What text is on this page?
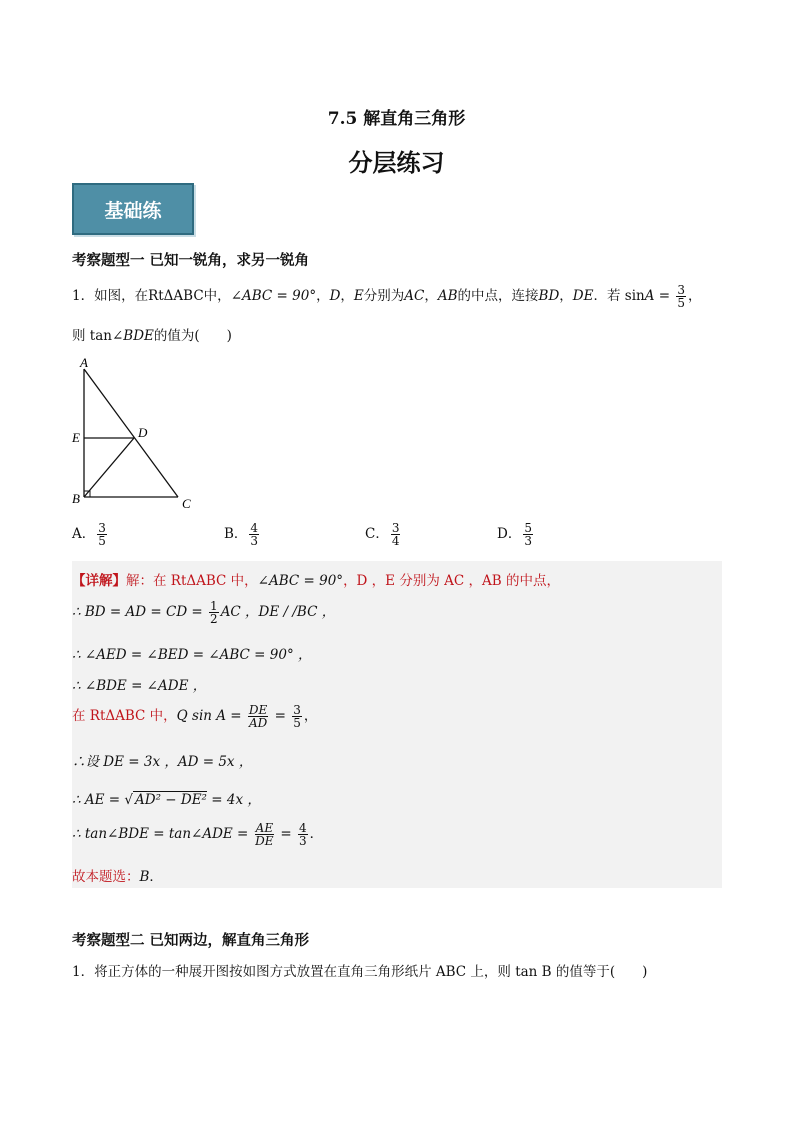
7.5 解直角三角形
分层练习
基础练
考察题型一 已知一锐角，求另一锐角
1．如图，在RtΔABC中，∠ABC = 90°，D，E分别为AC，AB的中点，连接BD，DE．若 $\sin A = \frac{3}{5}$ ，
则 tan∠BDE的值为(　　)
A
B	C
D
E
A． $\frac{3}{5}$	B． $\frac{4}{3}$	C． $\frac{3}{4}$	D． $\frac{5}{3}$
【详解】解：在 RtΔABC 中，∠ABC = 90°，D ，E 分别为 AC ，AB 的中点，
∴ BD = AD = CD = $\frac{1}{2}$ AC ，DE / /BC ，
∴ ∠AED = ∠BED = ∠ABC = 90° ，
∴ ∠BDE = ∠ADE ，
在 RtΔABC 中，Q $\sin A = \frac{DE}{AD} = \frac{3}{5}$ ，
∴设 DE = 3x ，AD = 5x ，
∴ AE = √ AD² − DE² = 4x ，
∴ tan∠BDE = tan∠ADE = $\frac{AE}{DE} = \frac{4}{3}$ ．
故本题选：B．
考察题型二 已知两边，解直角三角形
1．将正方体的一种展开图按如图方式放置在直角三角形纸片 ABC 上，则 tan B 的值等于(　　)
